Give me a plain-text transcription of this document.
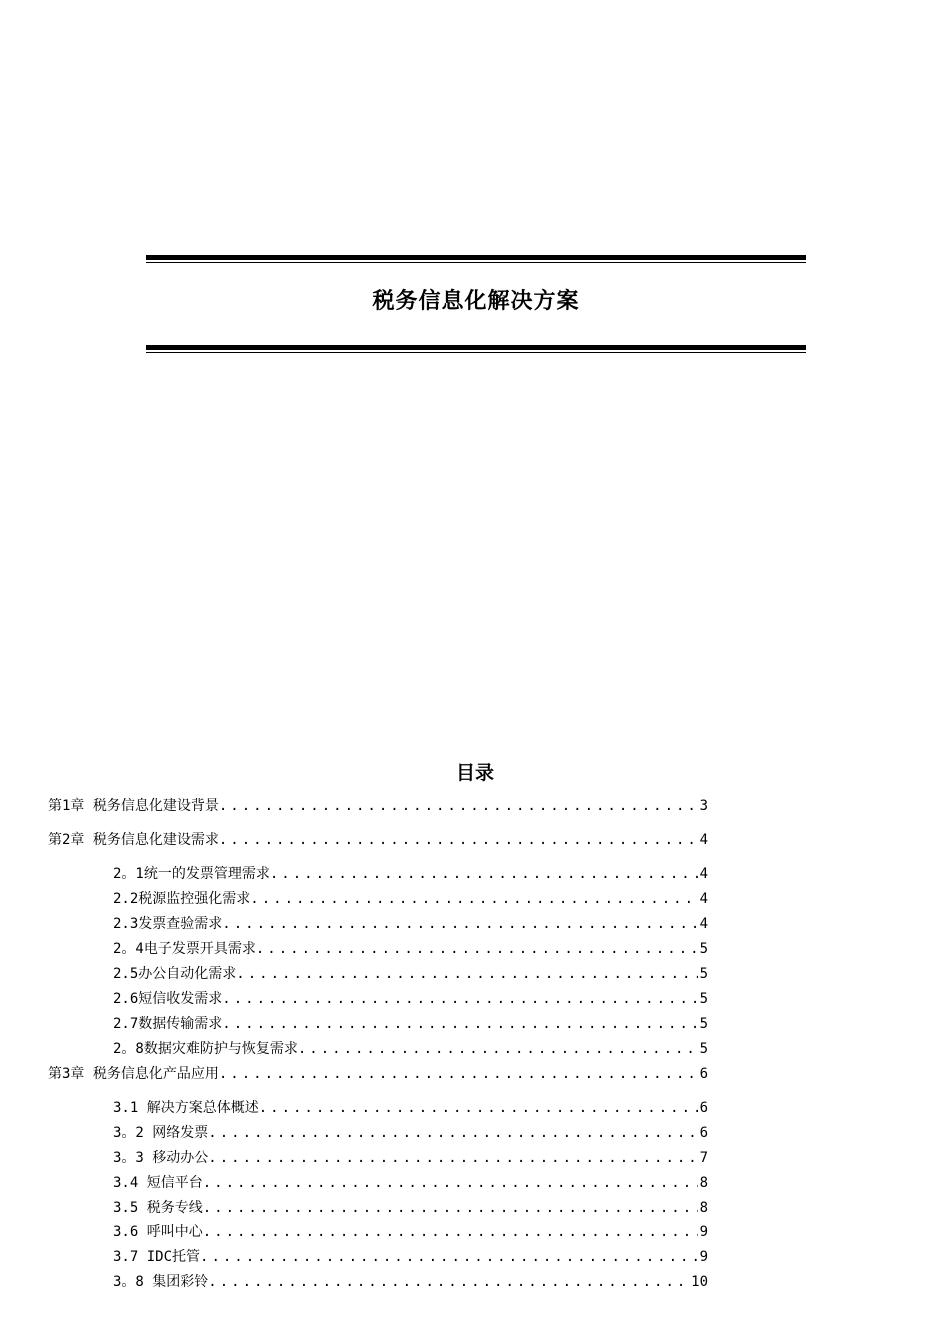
税务信息化解决方案
目录
第1章 税务信息化建设背景 .....	3
第2章 税务信息化建设需求 .....	4
2。1统一的发票管理需求 .....	4
2.2税源监控强化需求 .....	4
2.3发票查验需求 .....	4
2。4电子发票开具需求 .....	5
2.5办公自动化需求 .....	5
2.6短信收发需求 .....	5
2.7数据传输需求 .....	5
2。8数据灾难防护与恢复需求 .....	5
第3章 税务信息化产品应用 .....	6
3.1 解决方案总体概述 .....	6
3。2 网络发票 .....	6
3。3 移动办公 .....	7
3.4 短信平台 .....	8
3.5 税务专线 .....	8
3.6 呼叫中心 .....	9
3.7 IDC托管 .....	9
3。8 集团彩铃 .....	10
